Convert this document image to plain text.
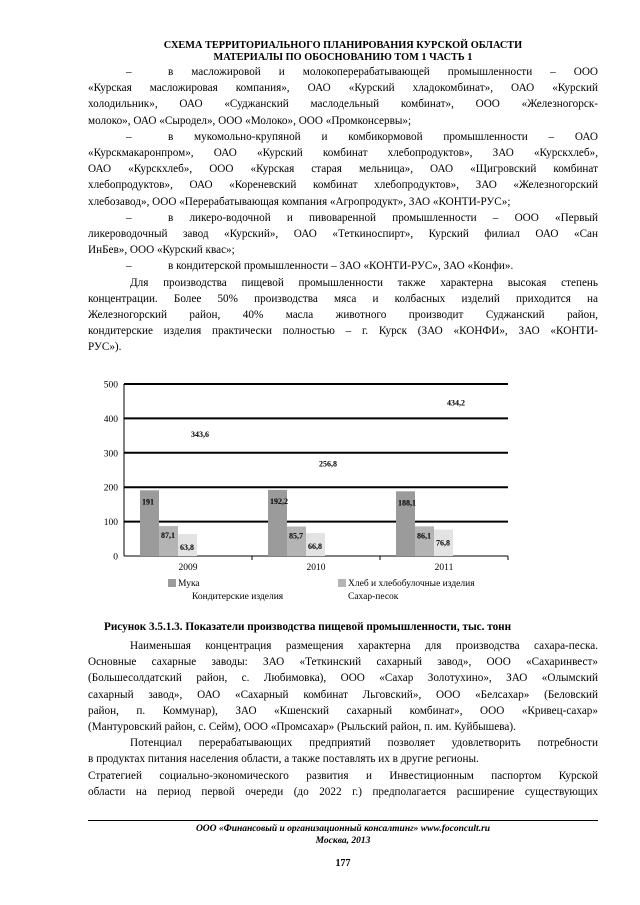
СХЕМА ТЕРРИТОРИАЛЬНОГО ПЛАНИРОВАНИЯ КУРСКОЙ ОБЛАСТИ
МАТЕРИАЛЫ ПО ОБОСНОВАНИЮ ТОМ 1 ЧАСТЬ 1
–	в масложировой и молокоперерабатывающей промышленности – ООО
«Курская масложировая компания», ОАО «Курский хладокомбинат», ОАО «Курский
холодильник», ОАО «Суджанский маслодельный комбинат», ООО «Железногорск-
молоко», ОАО «Сыродел», ООО «Молоко», ООО «Промконсервы»;
–	в мукомольно-крупяной и комбикормовой промышленности – ОАО
«Курскмакаронпром», ОАО «Курский комбинат хлебопродуктов», ЗАО «Курскхлеб»,
ОАО «Курскхлеб», ООО «Курская старая мельница», ОАО «Щигровский комбинат
хлебопродуктов», ОАО «Кореневский комбинат хлебопродуктов», ЗАО «Железногорский
хлебозавод», ООО «Перерабатывающая компания «Агропродукт», ЗАО «КОНТИ-РУС»;
–	в ликеро-водочной и пивоваренной промышленности – ООО «Первый
ликероводочный завод «Курский», ОАО «Теткиноспирт», Курский филиал ОАО «Сан
ИнБев», ООО «Курский квас»;
–	в кондитерской промышленности – ЗАО «КОНТИ-РУС», ЗАО «Конфи».
Для производства пищевой промышленности также характерна высокая степень
концентрации. Более 50% производства мяса и колбасных изделий приходится на
Железногорский район, 40% масла животного производит Суджанский район,
кондитерские изделия практически полностью – г. Курск (ЗАО «КОНФИ», ЗАО «КОНТИ-
РУС»).
0
100
200
300
400
500
2009
191
87,1
63,8
343,6
2010
192,2
85,7
66,8
256,8
2011
188,1
86,1
76,8
434,2
Мука	Хлеб и хлебобулочные изделия
Кондитерские изделия	Сахар-песок
Рисунок 3.5.1.3. Показатели производства пищевой промышленности, тыс. тонн
Наименьшая концентрация размещения характерна для производства сахара-песка.
Основные сахарные заводы: ЗАО «Теткинский сахарный завод», ООО «Сахаринвест»
(Большесолдатский район, с. Любимовка), ООО «Сахар Золотухино», ЗАО «Олымский
сахарный завод», ОАО «Сахарный комбинат Льговский», ООО «Белсахар» (Беловский
район, п. Коммунар), ЗАО «Кшенский сахарный комбинат», ООО «Кривец-сахар»
(Мантуровский район, с. Сейм), ООО «Промсахар» (Рыльский район, п. им. Куйбышева).
Потенциал перерабатывающих предприятий позволяет удовлетворить потребности
в продуктах питания населения области, а также поставлять их в другие регионы.
Стратегией социально-экономического развития и Инвестиционным паспортом Курской
области на период первой очереди (до 2022 г.) предполагается расширение существующих
ООО «Финансовый и организационный консалтинг» www.foconcult.ru
Москва, 2013
177
